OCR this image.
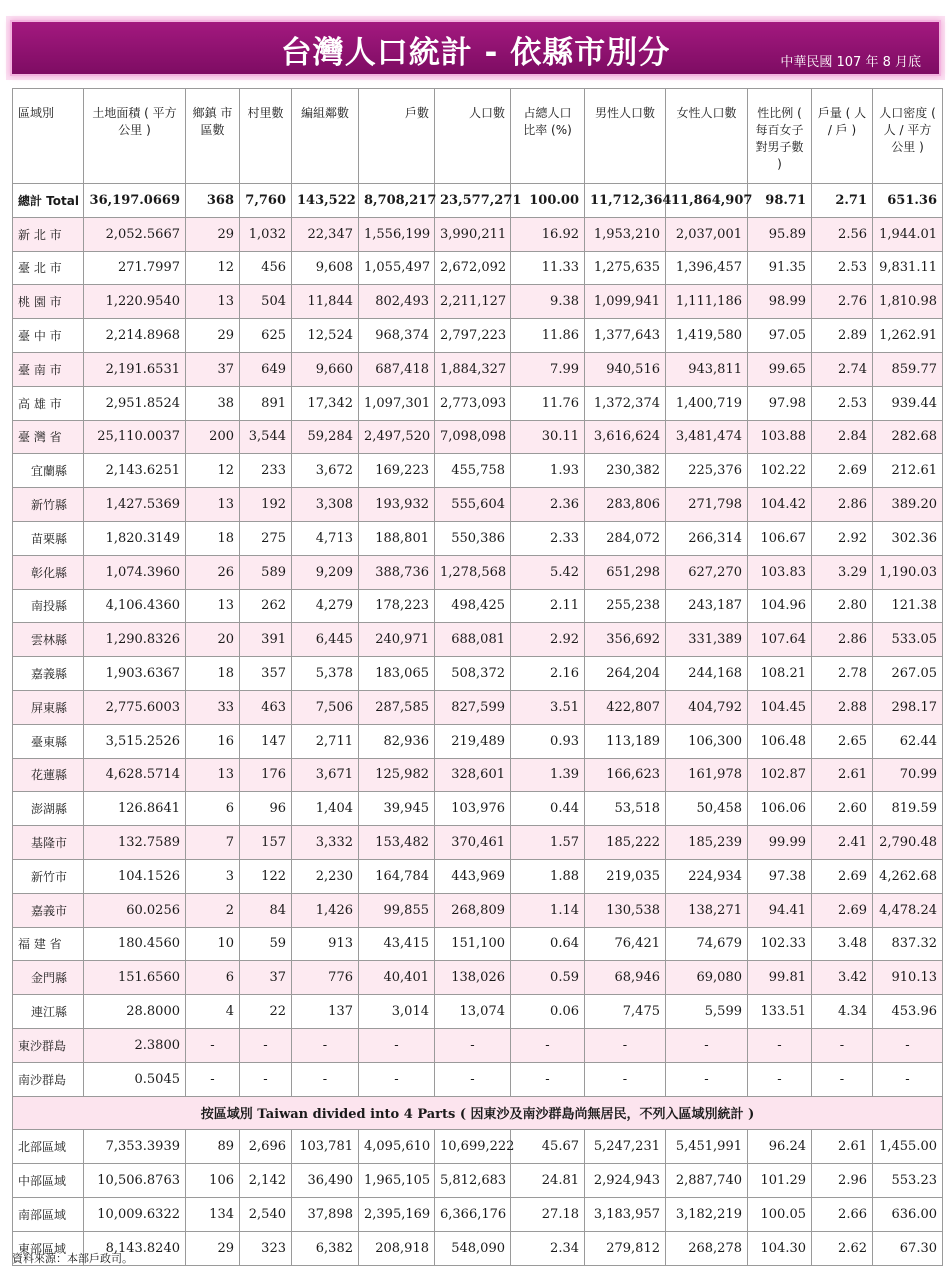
台灣人口統計 - 依縣市別分	中華民國 107 年 8 月底
區域別	土地面積 ( 平方公里 )	鄉鎮 市區數	村里數	編組鄰數	戶數	人口數	占總人口 比率 (%)	男性人口數	女性人口數	性比例 ( 每百女子 對男子數 )	戶量 ( 人 / 戶 )	人口密度 ( 人 / 平方 公里 )
總計 Total	36,197.0669	368	7,760	143,522	8,708,217	23,577,271	100.00	11,712,364	11,864,907	98.71	2.71	651.36
新 北 市	2,052.5667	29	1,032	22,347	1,556,199	3,990,211	16.92	1,953,210	2,037,001	95.89	2.56	1,944.01
臺 北 市	271.7997	12	456	9,608	1,055,497	2,672,092	11.33	1,275,635	1,396,457	91.35	2.53	9,831.11
桃 園 市	1,220.9540	13	504	11,844	802,493	2,211,127	9.38	1,099,941	1,111,186	98.99	2.76	1,810.98
臺 中 市	2,214.8968	29	625	12,524	968,374	2,797,223	11.86	1,377,643	1,419,580	97.05	2.89	1,262.91
臺 南 市	2,191.6531	37	649	9,660	687,418	1,884,327	7.99	940,516	943,811	99.65	2.74	859.77
高 雄 市	2,951.8524	38	891	17,342	1,097,301	2,773,093	11.76	1,372,374	1,400,719	97.98	2.53	939.44
臺 灣 省	25,110.0037	200	3,544	59,284	2,497,520	7,098,098	30.11	3,616,624	3,481,474	103.88	2.84	282.68
宜蘭縣	2,143.6251	12	233	3,672	169,223	455,758	1.93	230,382	225,376	102.22	2.69	212.61
新竹縣	1,427.5369	13	192	3,308	193,932	555,604	2.36	283,806	271,798	104.42	2.86	389.20
苗栗縣	1,820.3149	18	275	4,713	188,801	550,386	2.33	284,072	266,314	106.67	2.92	302.36
彰化縣	1,074.3960	26	589	9,209	388,736	1,278,568	5.42	651,298	627,270	103.83	3.29	1,190.03
南投縣	4,106.4360	13	262	4,279	178,223	498,425	2.11	255,238	243,187	104.96	2.80	121.38
雲林縣	1,290.8326	20	391	6,445	240,971	688,081	2.92	356,692	331,389	107.64	2.86	533.05
嘉義縣	1,903.6367	18	357	5,378	183,065	508,372	2.16	264,204	244,168	108.21	2.78	267.05
屏東縣	2,775.6003	33	463	7,506	287,585	827,599	3.51	422,807	404,792	104.45	2.88	298.17
臺東縣	3,515.2526	16	147	2,711	82,936	219,489	0.93	113,189	106,300	106.48	2.65	62.44
花蓮縣	4,628.5714	13	176	3,671	125,982	328,601	1.39	166,623	161,978	102.87	2.61	70.99
澎湖縣	126.8641	6	96	1,404	39,945	103,976	0.44	53,518	50,458	106.06	2.60	819.59
基隆市	132.7589	7	157	3,332	153,482	370,461	1.57	185,222	185,239	99.99	2.41	2,790.48
新竹市	104.1526	3	122	2,230	164,784	443,969	1.88	219,035	224,934	97.38	2.69	4,262.68
嘉義市	60.0256	2	84	1,426	99,855	268,809	1.14	130,538	138,271	94.41	2.69	4,478.24
福 建 省	180.4560	10	59	913	43,415	151,100	0.64	76,421	74,679	102.33	3.48	837.32
金門縣	151.6560	6	37	776	40,401	138,026	0.59	68,946	69,080	99.81	3.42	910.13
連江縣	28.8000	4	22	137	3,014	13,074	0.06	7,475	5,599	133.51	4.34	453.96
東沙群島	2.3800	-	-	-	-	-	-	-	-	-	-	-
南沙群島	0.5045	-	-	-	-	-	-	-	-	-	-	-
按區域別 Taiwan divided into 4 Parts ( 因東沙及南沙群島尚無居民，不列入區域別統計 )												
北部區域	7,353.3939	89	2,696	103,781	4,095,610	10,699,222	45.67	5,247,231	5,451,991	96.24	2.61	1,455.00
中部區域	10,506.8763	106	2,142	36,490	1,965,105	5,812,683	24.81	2,924,943	2,887,740	101.29	2.96	553.23
南部區域	10,009.6322	134	2,540	37,898	2,395,169	6,366,176	27.18	3,183,957	3,182,219	100.05	2.66	636.00
東部區域	8,143.8240	29	323	6,382	208,918	548,090	2.34	279,812	268,278	104.30	2.62	67.30
資料來源：本部戶政司。
